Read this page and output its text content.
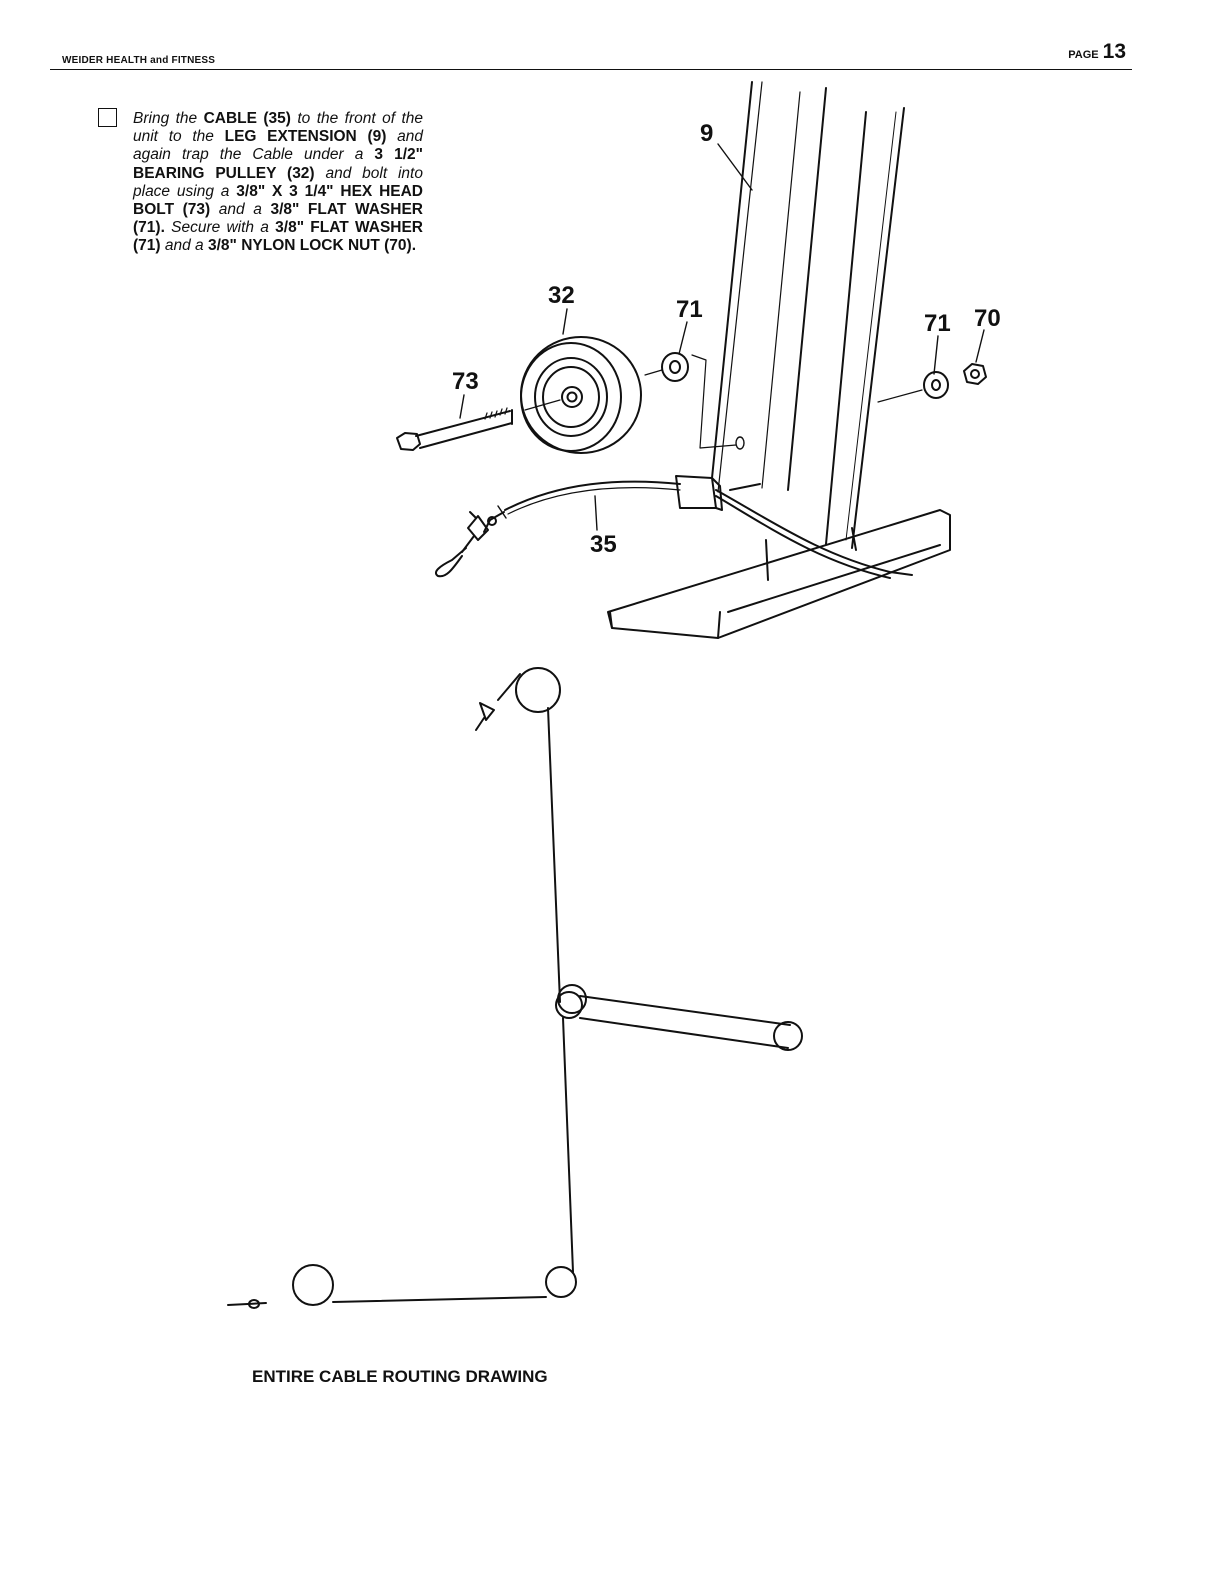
WEIDER HEALTH and FITNESS	PAGE 13
Bring the CABLE (35) to the front of the unit to the LEG EXTENSION (9) and again trap the Cable under a 3 1/2" BEARING PULLEY (32) and bolt into place using a 3/8" X 3 1/4" HEX HEAD BOLT (73) and a 3/8" FLAT WASHER (71). Secure with a 3/8" FLAT WASHER (71) and a 3/8" NYLON LOCK NUT (70).
9
32
71
71 70
73
35
ENTIRE CABLE ROUTING DRAWING
